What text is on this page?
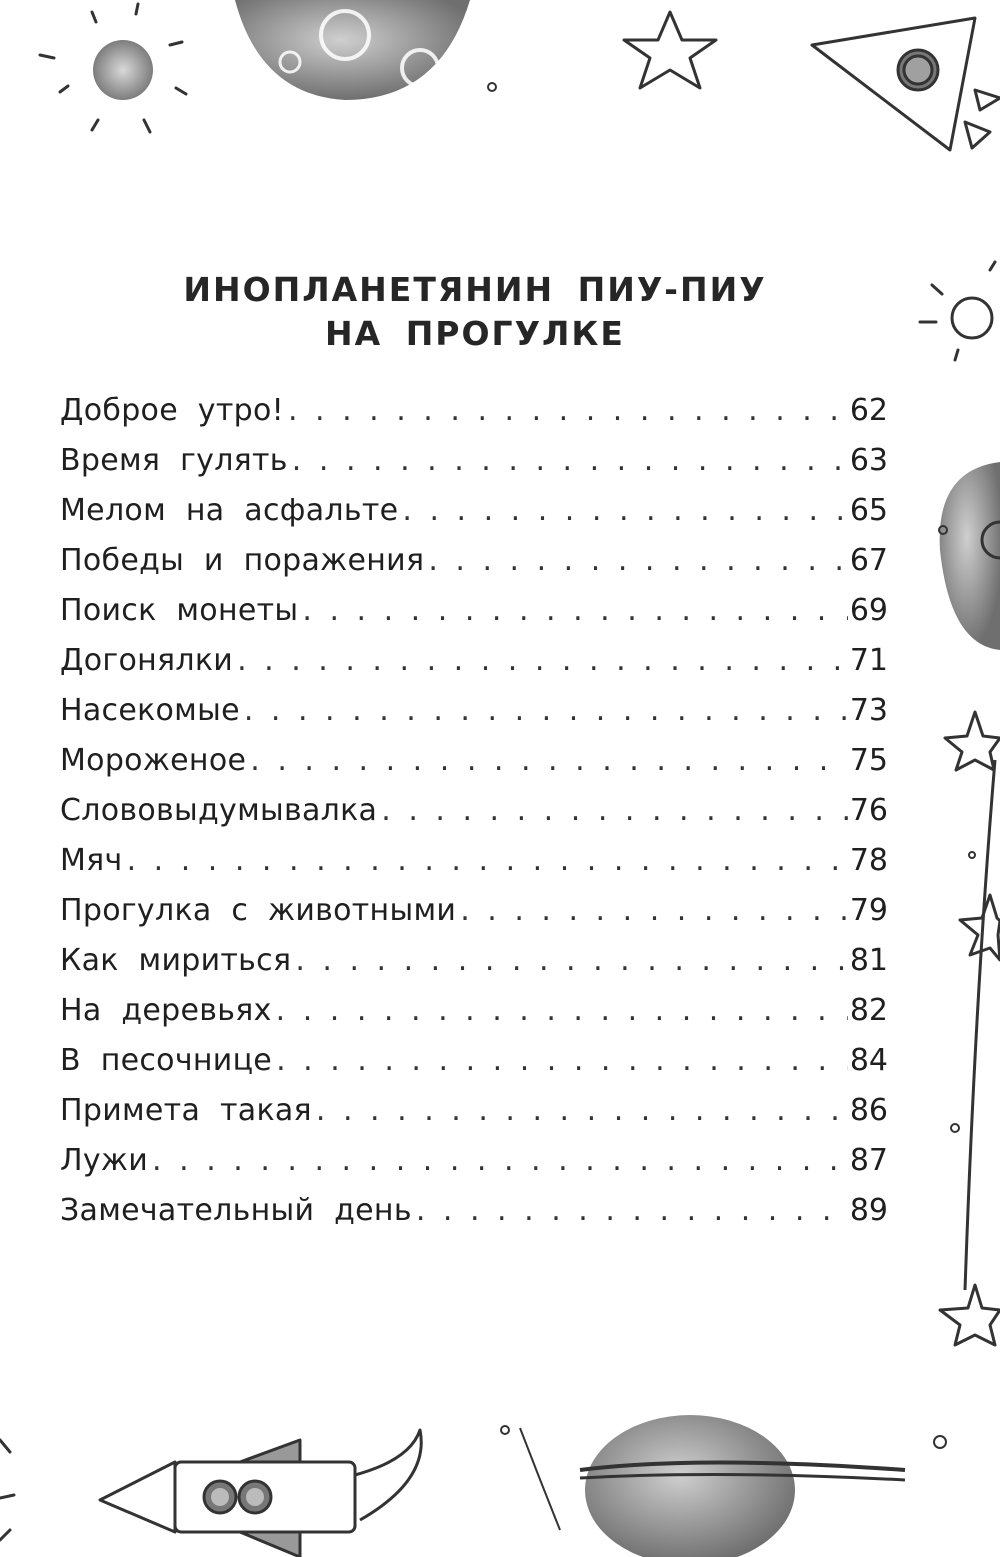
ИНОПЛАНЕТЯНИН ПИУ-ПИУ
НА ПРОГУЛКЕ
Доброе утро! . . .	62
Время гулять . . .	63
Мелом на асфальте . . .	65
Победы и поражения . . .	67
Поиск монеты . . .	69
Догонялки . . .	71
Насекомые . . .	73
Мороженое . . .	75
Слововыдумывалка . . .	76
Мяч . . .	78
Прогулка с животными . . .	79
Как мириться . . .	81
На деревьях . . .	82
В песочнице . . .	84
Примета такая . . .	86
Лужи . . .	87
Замечательный день . . .	89
